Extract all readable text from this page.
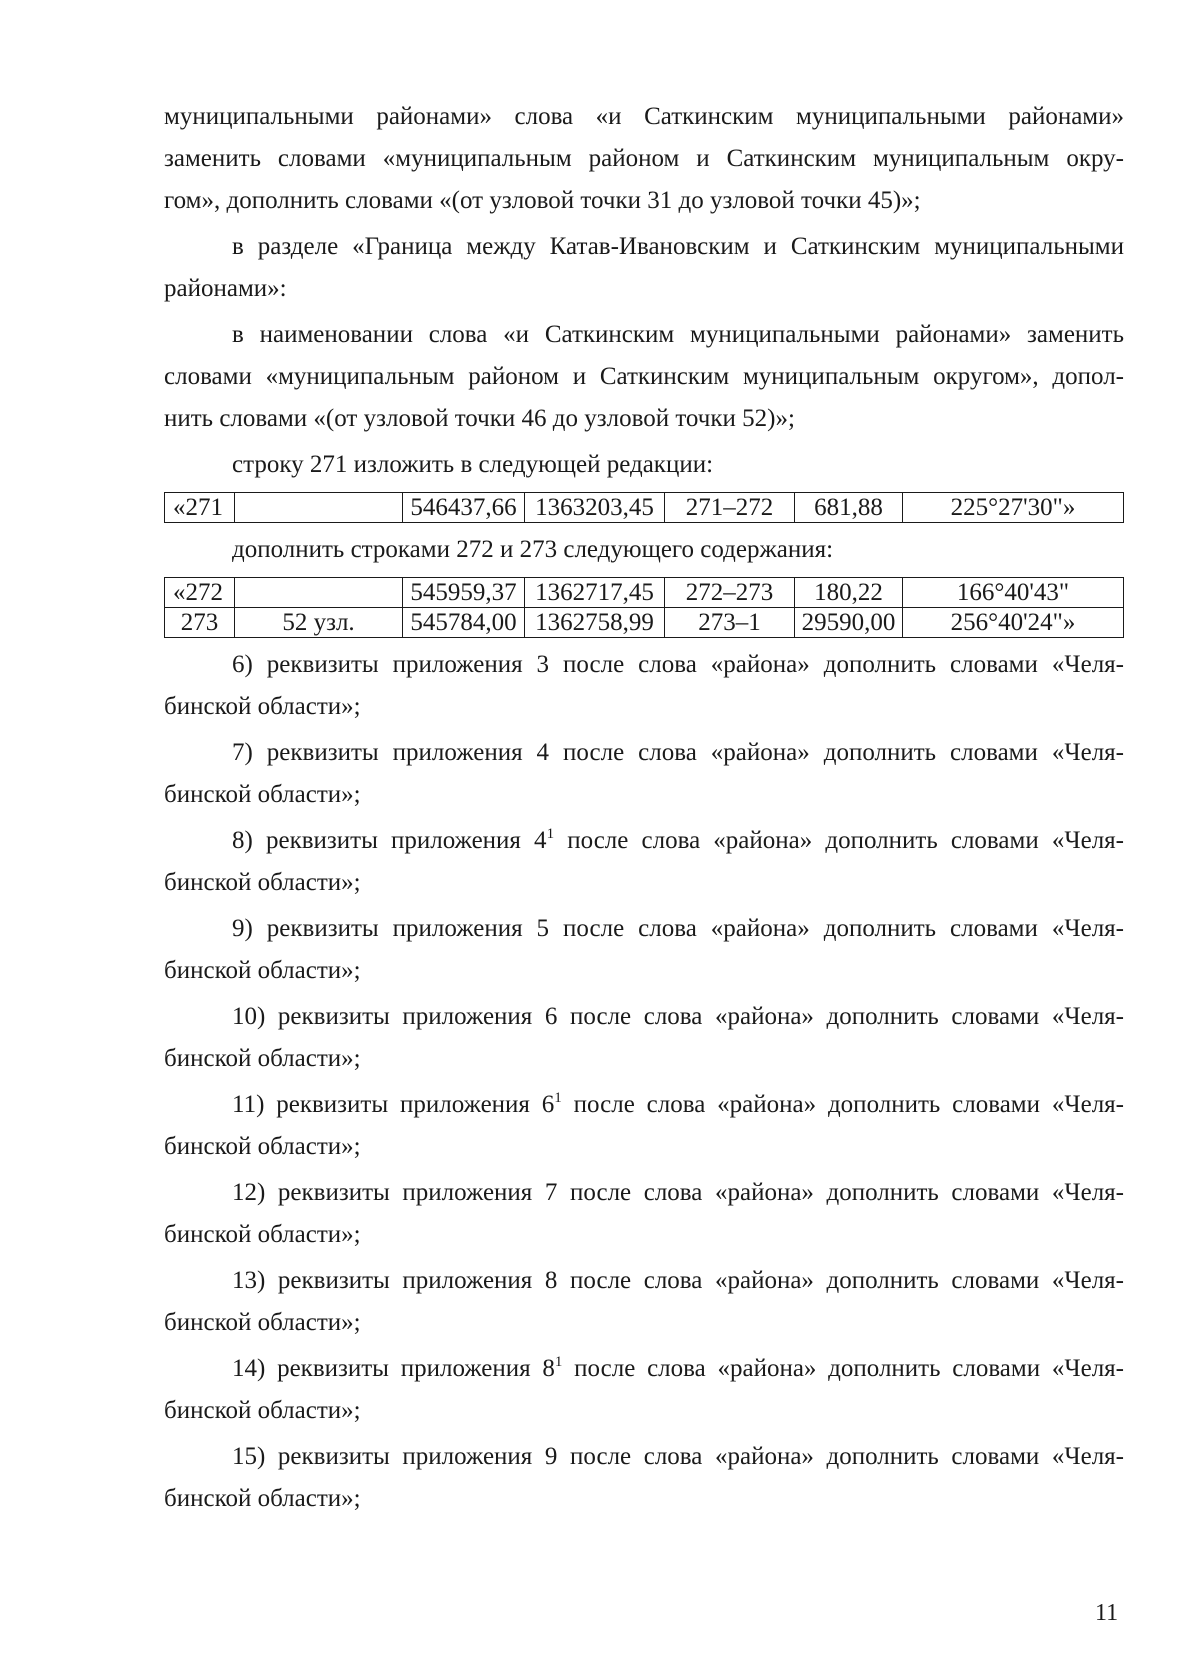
муниципальными районами» слова «и Саткинским муниципальными районами»

заменить словами «муниципальным районом и Саткинским муниципальным окру-

гом», дополнить словами «(от узловой точки 31 до узловой точки 45)»;

в разделе «Граница между Катав-Ивановским и Саткинским муниципальными

районами»:

в наименовании слова «и Саткинским муниципальными районами» заменить

словами «муниципальным районом и Саткинским муниципальным округом», допол-

нить словами «(от узловой точки 46 до узловой точки 52)»;

строку 271 изложить в следующей редакции:

«271		546437,66	1363203,45	271–272	681,88	225°27'30"»

дополнить строками 272 и 273 следующего содержания:

«272		545959,37	1362717,45	272–273	180,22	166°40'43"
273	52 узл.	545784,00	1362758,99	273–1	29590,00	256°40'24"»

6) реквизиты приложения 3 после слова «района» дополнить словами «Челя-

бинской области»;

7) реквизиты приложения 4 после слова «района» дополнить словами «Челя-

бинской области»;

8) реквизиты приложения $4^1$ после слова «района» дополнить словами «Челя-

бинской области»;

9) реквизиты приложения 5 после слова «района» дополнить словами «Челя-

бинской области»;

10) реквизиты приложения 6 после слова «района» дополнить словами «Челя-

бинской области»;

11) реквизиты приложения $6^1$ после слова «района» дополнить словами «Челя-

бинской области»;

12) реквизиты приложения 7 после слова «района» дополнить словами «Челя-

бинской области»;

13) реквизиты приложения 8 после слова «района» дополнить словами «Челя-

бинской области»;

14) реквизиты приложения $8^1$ после слова «района» дополнить словами «Челя-

бинской области»;

15) реквизиты приложения 9 после слова «района» дополнить словами «Челя-

бинской области»;

11
